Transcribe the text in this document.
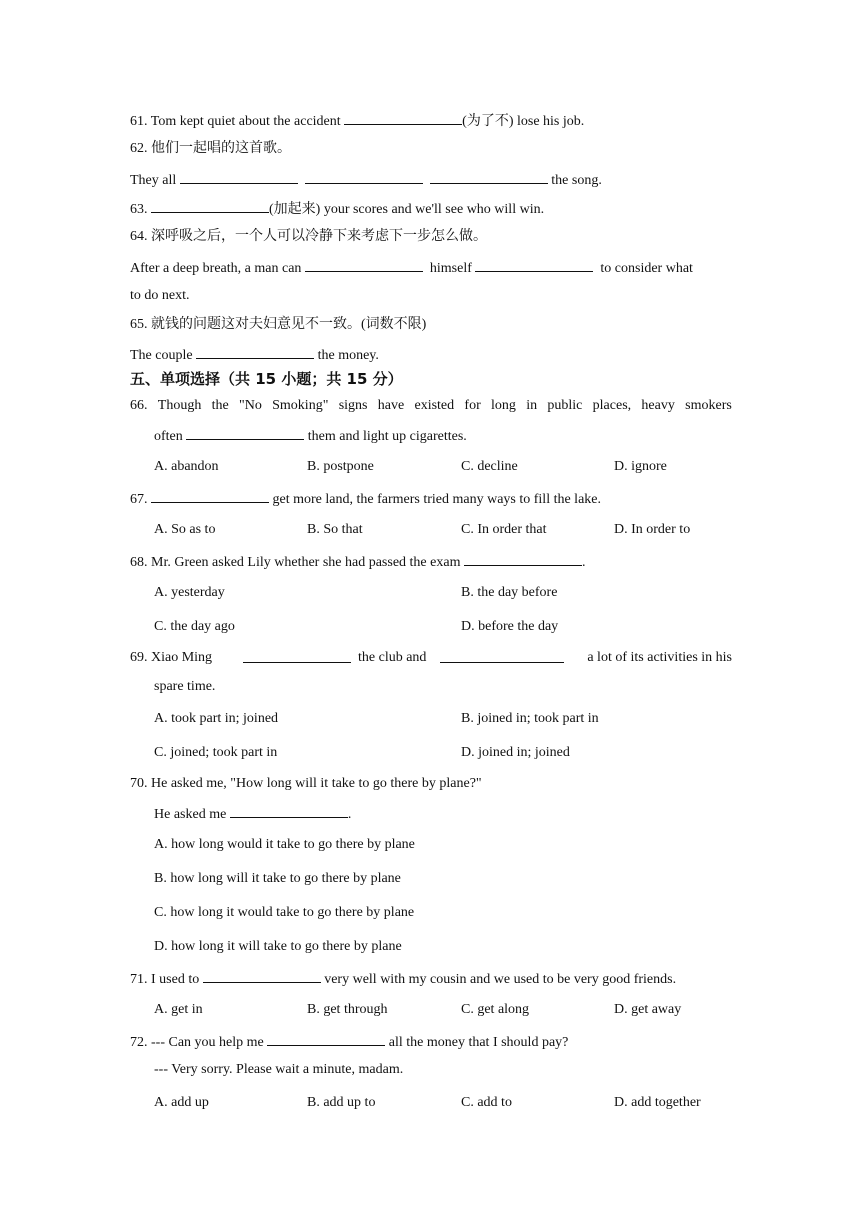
61. Tom kept quiet about the accident	(为了不) lose his job.
62. 他们一起唱的这首歌。
They all	the song.
63.	(加起来) your scores and we'll see who will win.
64. 深呼吸之后，一个人可以冷静下来考虑下一步怎么做。
After a deep breath, a man can	himself	to consider what
to do next.
65. 就钱的问题这对夫妇意见不一致。(词数不限)
The couple	the money.
五、单项选择（共 15 小题；共 15 分）
66. Though the "No Smoking" signs have existed for long in public places, heavy smokers
often	them and light up cigarettes.
A. abandon	B. postpone	C. decline	D. ignore
67.	get more land, the farmers tried many ways to fill the lake.
A. So as to	B. So that	C. In order that	D. In order to
68. Mr. Green asked Lily whether she had passed the exam	.
A. yesterday	B. the day before
C. the day ago	D. before the day
69. Xiao Ming	the club and	a lot of its activities in his
spare time.
A. took part in; joined	B. joined in; took part in
C. joined; took part in	D. joined in; joined
70. He asked me, "How long will it take to go there by plane?"
He asked me	.
A. how long would it take to go there by plane
B. how long will it take to go there by plane
C. how long it would take to go there by plane
D. how long it will take to go there by plane
71. I used to	very well with my cousin and we used to be very good friends.
A. get in	B. get through	C. get along	D. get away
72. --- Can you help me	all the money that I should pay?
--- Very sorry. Please wait a minute, madam.
A. add up	B. add up to	C. add to	D. add together
